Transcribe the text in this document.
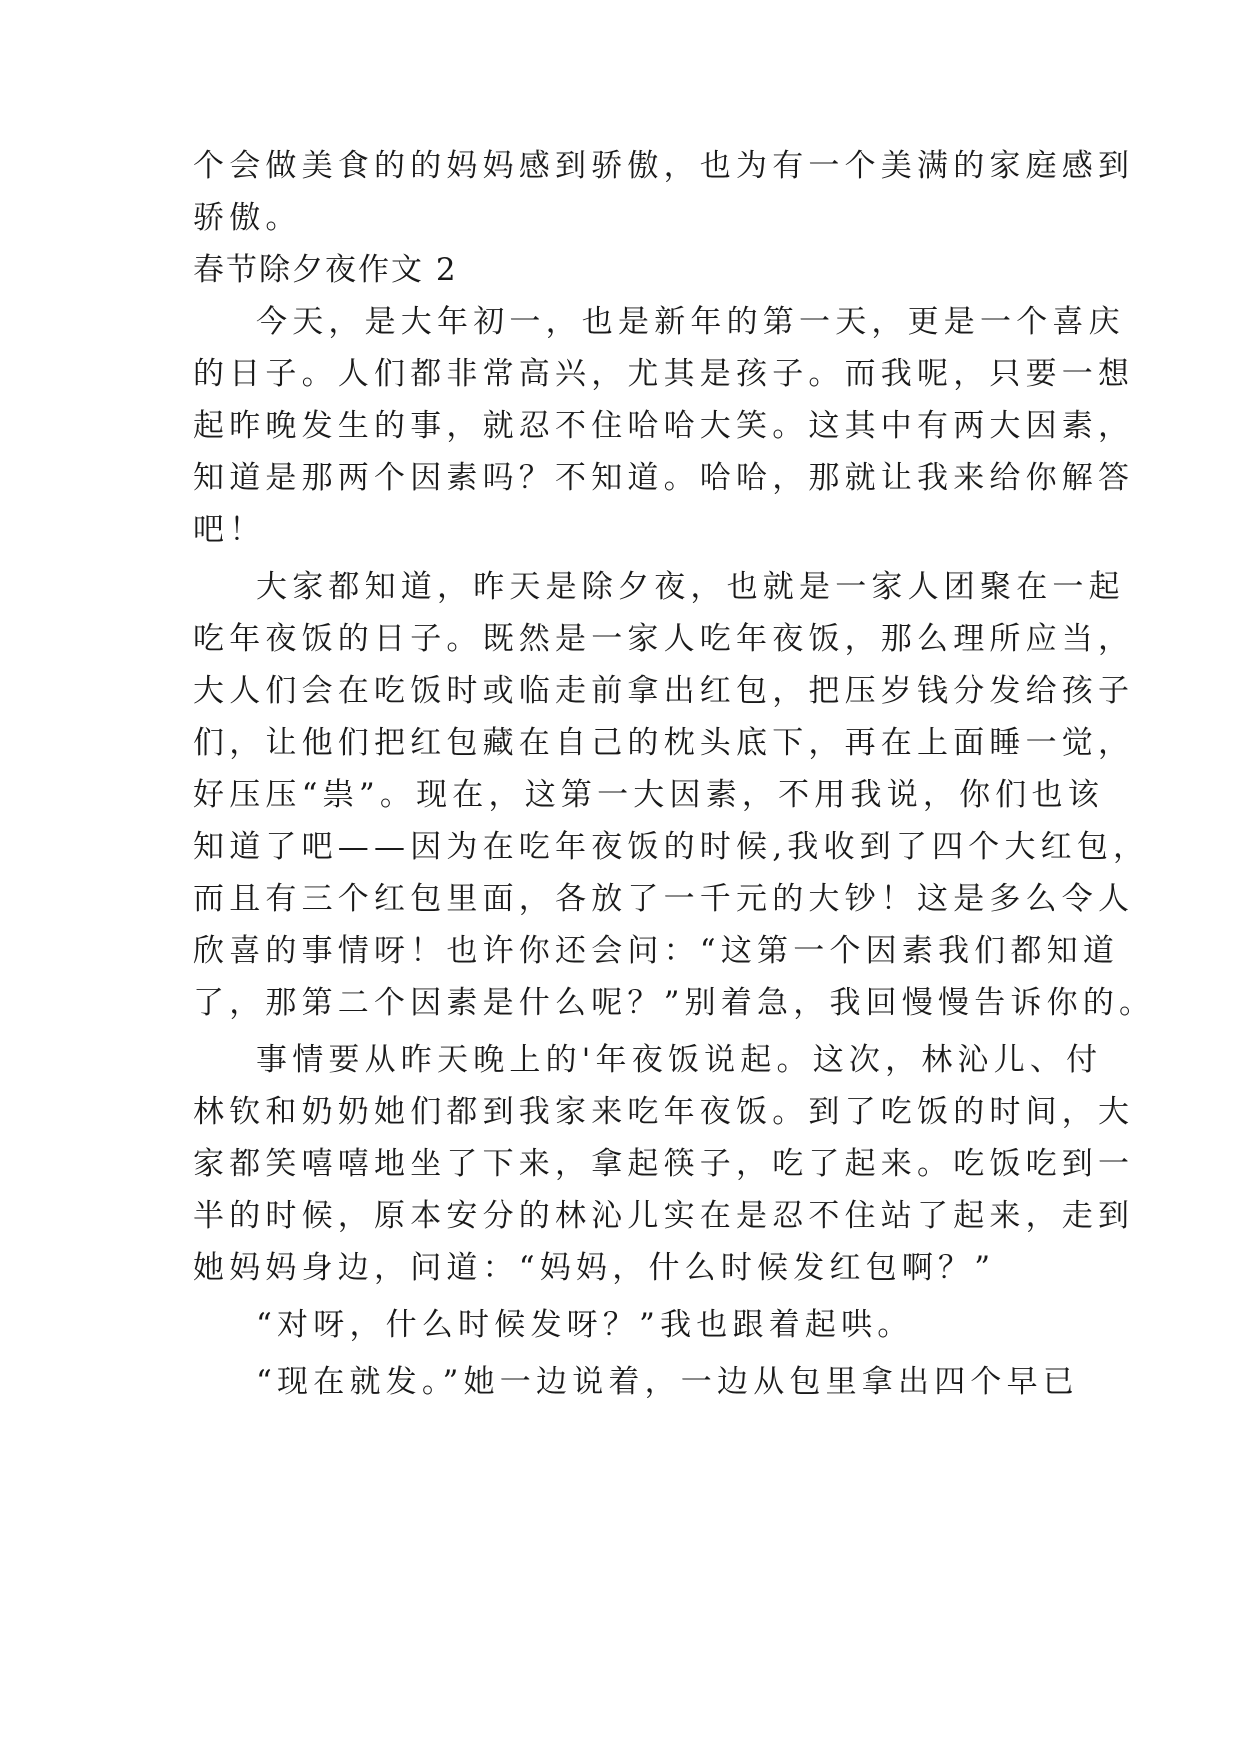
个会做美食的的妈妈感到骄傲，也为有一个美满的家庭感到
骄傲。
春节除夕夜作文 2
今天，是大年初一，也是新年的第一天，更是一个喜庆
的日子。人们都非常高兴，尤其是孩子。而我呢，只要一想
起昨晚发生的事，就忍不住哈哈大笑。这其中有两大因素，
知道是那两个因素吗？不知道。哈哈，那就让我来给你解答
吧！
大家都知道，昨天是除夕夜，也就是一家人团聚在一起
吃年夜饭的日子。既然是一家人吃年夜饭，那么理所应当，
大人们会在吃饭时或临走前拿出红包，把压岁钱分发给孩子
们，让他们把红包藏在自己的枕头底下，再在上面睡一觉，
好压压“祟”。现在，这第一大因素，不用我说，你们也该
知道了吧——因为在吃年夜饭的时候,我收到了四个大红包，
而且有三个红包里面，各放了一千元的大钞！这是多么令人
欣喜的事情呀！也许你还会问：“这第一个因素我们都知道
了，那第二个因素是什么呢？”别着急，我回慢慢告诉你的。
事情要从昨天晚上的'年夜饭说起。这次，林沁儿、付
林钦和奶奶她们都到我家来吃年夜饭。到了吃饭的时间，大
家都笑嘻嘻地坐了下来，拿起筷子，吃了起来。吃饭吃到一
半的时候，原本安分的林沁儿实在是忍不住站了起来，走到
她妈妈身边，问道：“妈妈，什么时候发红包啊？”
“对呀，什么时候发呀？”我也跟着起哄。
“现在就发。”她一边说着，一边从包里拿出四个早已
